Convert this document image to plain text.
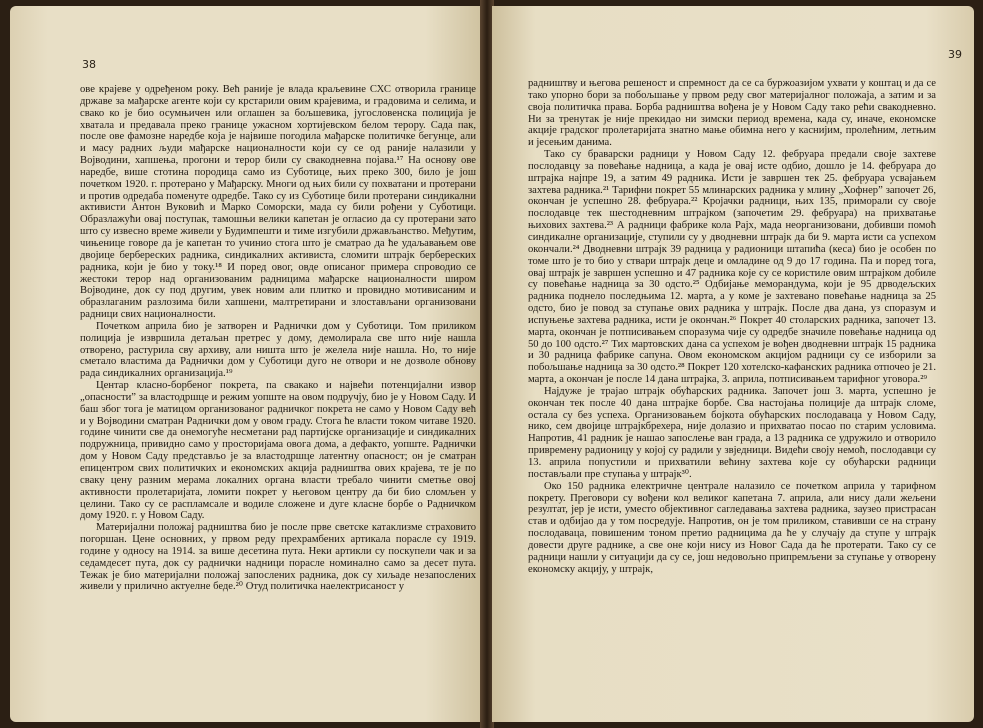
38

ове крајеве у одређеном року. Већ раније је влада краљевине СХС отворила границе државе за мађарске агенте који су крстарили овим крајевима, и градовима и селима, и свако ко је био осумњичен или оглашен за бољшевика, југословенска полиција је хватала и предавала преко границе ужасном хортијевском белом терору. Сада пак, после ове фамозне наредбе која је највише погодила мађарске политичке бегунце, али и масу радних људи мађарске националности који су се од раније налазили у Војводини, хапшења, прогони и терор били су свакодневна појава.¹⁷ На основу ове наредбе, више стотина породица само из Суботице, њих преко 300, било је још почетком 1920. г. протерано у Мађарску. Многи од њих били су похватани и протерани и против одредаба поменуте одредбе. Тако су из Суботице били протерани синдикални активисти Антон Вуковић и Марко Соморски, мада су били рођени у Суботици. Образлажући овај поступак, тамошњи велики капетан је огласио да су протерани зато што су извесно време живели у Будимпешти и тиме изгубили држављанство. Међутим, чињенице говоре да је капетан то учинио стога што је сматрао да ће удаљавањем ове двојице бербереских радника, синдикалних активиста, сломити штрајк бербереских радника, који је био у току.¹⁸ И поред овог, овде описаног примера спроводио се жестоки терор над организованим радницима мађарске националности широм Војводине, док су под другим, увек новим али плитко и провидно мотивисаним и образлаганим разлозима били хапшени, малтретирани и злостављани организовани радници свих националности.

Почетком априла био је затворен и Раднички дом у Суботици. Том приликом полиција је извршила детаљан претрес у дому, демолирала све што није нашла отворено, растурила сву архиву, али ништа што је желела није нашла. Но, то није сметало властима да Раднички дом у Суботици дуго не отвори и не дозволе обнову рада синдикалних организација.¹⁹

Центар класно-борбеног покрета, па свакако и највећи потенцијални извор „опасности” за властодршце и режим уопште на овом подручју, био је у Новом Саду. И баш због тога је матицом организованог радничког покрета не само у Новом Саду већ и у Војводини сматран Раднички дом у овом граду. Стога ће власти током читаве 1920. године чинити све да онемогуће несметани рад партијске организације и синдикалних подружница, привидно само у просторијама овога дома, а дефакто, уопште. Раднички дом у Новом Саду представљо је за властодршце латентну опасност; он је сматран епицентром свих политичких и економских акција радништва ових крајева, те је по сваку цену разним мерама локалних органа власти требало чинити сметње овој активности пролетаријата, ломити покрет у његовом центру да би био сломљен у целини. Тако су се распламсале и водиле сложене и дуге класне борбе о Радничком дому 1920. г. у Новом Саду.

Материјални положај радништва био је после прве светске катаклизме страховито погоршан. Цене основних, у првом реду прехрамбених артикала порасле су 1919. године у односу на 1914. за више десетина пута. Неки артикли су поскупели чак и за седамдесет пута, док су раднички надници порасле номинално само за десет пута. Тежак је био материјални положај запослених радника, док су хиљаде незапослених живели у прилично актуелне беде.²⁰ Отуд политичка наелектрисаност у

39

радништву и његова решеност и спремност да се са буржоазијом ухвати у коштац и да се тако упорно бори за побољшање у првом реду свог материјалног положаја, а затим и за своја политичка права. Борба радништва вођена је у Новом Саду тако рећи свакодневно. Ни за тренутак је није прекидао ни зимски период времена, када су, иначе, економске акције градског пролетаријата знатно мање обимна него у каснијим, пролећним, летњим и јесењим данима.

Тако су браварски радници у Новом Саду 12. фебруара предали своје захтеве послодавцу за повећање надница, а када је овај исте одбио, дошло је 14. фебруара до штрајка најпре 19, а затим 49 радника. Исти је завршен тек 25. фебруара усвајањем захтева радника.²¹ Тарифни покрет 55 млинарских радника у млину „Хофнер” започет 26, окончан је успешно 28. фебруара.²² Кројачки радници, њих 135, приморали су своје послодавце тек шестодневним штрајком (започетим 29. фебруара) на прихватање њихових захтева.²³ А радници фабрике кола Рајх, мада неорганизовани, добивши помоћ синдикалне организације, ступили су у дводневни штрајк да би 9. марта исти са успехом окончали.²⁴ Дводневни штрајк 39 радница у радионици штапића (кеса) био је особен по томе што је то био у ствари штрајк деце и омладине од 9 до 17 година. Па и поред тога, овај штрајк је завршен успешно и 47 радника које су се користиле овим штрајком добиле су повећање надница за 30 одсто.²⁵ Одбијање меморандума, који је 95 дрводељских радника поднело последњима 12. марта, а у коме је захтевано повећање надница за 25 одсто, био је повод за ступање ових радника у штрајк. После два дана, уз споразум и испуњење захтева радника, исти је окончан.²⁶ Покрет 40 столарских радника, започет 13. марта, окончан је потписивањем споразума чије су одредбе значиле повећање надница од 50 до 100 одсто.²⁷ Тих мартовских дана са успехом је вођен дводневни штрајк 15 радника и 30 радница фабрике сапуна. Овом економском акцијом радници су се изборили за побољшање надница за 30 одсто.²⁸ Покрет 120 хотелско-кафанских радника отпочео је 21. марта, а окончан је после 14 дана штрајка, 3. априла, потписивањем тарифног уговора.²⁹

Најдуже је трајао штрајк обућарских радника. Започет још 3. марта, успешно је окончан тек после 40 дана штрајке борбе. Сва настојања полиције да штрајк сломе, остала су без успеха. Организовањем бојкота обућарских послодаваца у Новом Саду, нико, сем двојице штрајкбрехера, није долазио и прихватао посао по старим условима. Напротив, 41 радник је нашао запослење ван града, а 13 радника се удружило и отворило привремену радионицу у којој су радили у звједници. Видећи своју немоћ, послодавци су 13. априла попустили и прихватили већину захтева које су обућарски радници постављали пре ступања у штрајк³⁰.

Око 150 радника електричне централе налазило се почетком априла у тарифном покрету. Преговори су вођени кол великог капетана 7. априла, али нису дали жељени резултат, јер је исти, уместо објективног сагледавања захтева радника, заузео пристрасан став и одбијао да у том посредује. Напротив, он је том приликом, ставивши се на страну послодаваца, повишеним тоном претио радницима да ће у случају да ступе у штрајк довести друге раднике, а све оне који нису из Новог Сада да ће протерати. Тако су се радници нашли у ситуацији да су се, још недовољно припремљени за ступање у отворену економску акцију, у штрајк,
